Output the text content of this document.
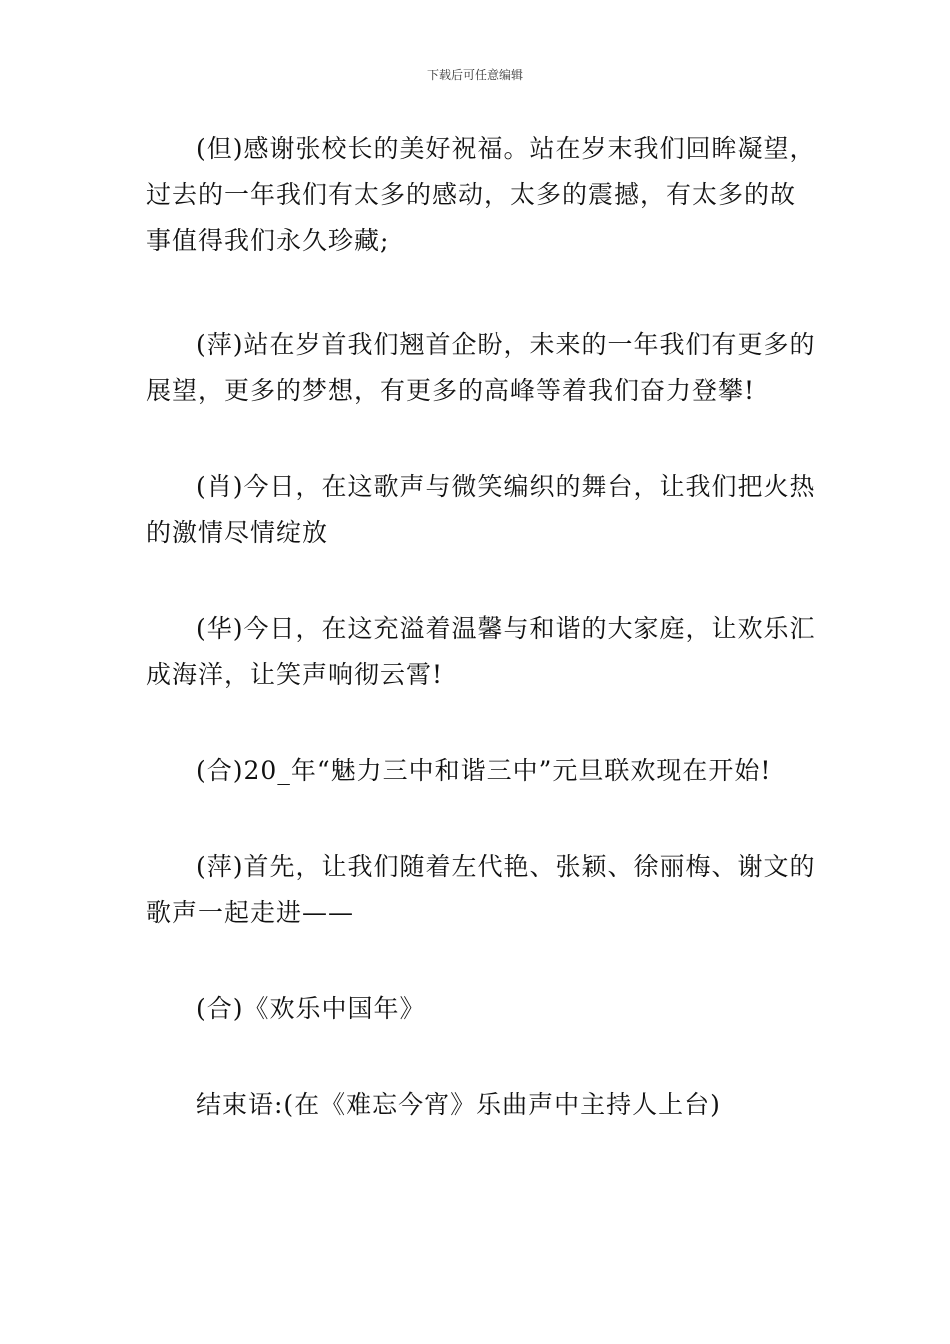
下载后可任意编辑

(但)感谢张校长的美好祝福。站在岁末我们回眸凝望，过去的一年我们有太多的感动，太多的震撼，有太多的故事值得我们永久珍藏;

(萍)站在岁首我们翘首企盼，未来的一年我们有更多的展望，更多的梦想，有更多的高峰等着我们奋力登攀!

(肖)今日，在这歌声与微笑编织的舞台，让我们把火热的激情尽情绽放

(华)今日，在这充溢着温馨与和谐的大家庭，让欢乐汇成海洋，让笑声响彻云霄!

(合)20_年“魅力三中和谐三中”元旦联欢现在开始!

(萍)首先，让我们随着左代艳、张颖、徐丽梅、谢文的歌声一起走进——

(合)《欢乐中国年》

结束语:(在《难忘今宵》乐曲声中主持人上台)
